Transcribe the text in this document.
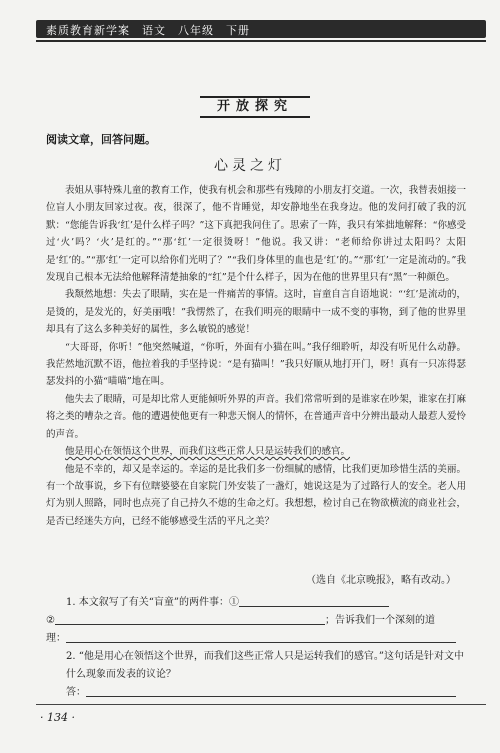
素质教育新学案　语文　八年级　下册
开放探究
阅读文章，回答问题。
心灵之灯

表姐从事特殊儿童的教育工作，使我有机会和那些有残障的小朋友打交道。一次，我替表姐接一位盲人小朋友回家过夜。夜，很深了，他不肯睡觉，却安静地坐在我身边。他的发问打破了我的沉默：“您能告诉我‘红’是什么样子吗？”这下真把我问住了。思索了一阵，我只有笨拙地解释：“你感受过‘火’吗？‘火’是红的。”“那‘红’一定很烫呀！”他说。我又讲：“老师给你讲过太阳吗？太阳是‘红’的。”“那‘红’一定可以给你们光明了？”“我们身体里的血也是‘红’的。”“那‘红’一定是流动的。”我发现自己根本无法给他解释清楚抽象的“红”是个什么样子，因为在他的世界里只有“黑”一种颜色。

我颓然地想：失去了眼睛，实在是一件痛苦的事情。这时，盲童自言自语地说：“‘红’是流动的，是烫的，是发光的，好美丽哦！”我愣然了，在我们明亮的眼睛中一成不变的事物，到了他的世界里却具有了这么多种美好的属性，多么敏锐的感觉！

“大哥哥，你听！”他突然喊道，“你听，外面有小猫在叫。”我仔细聆听，却没有听见什么动静。我茫然地沉默不语，他拉着我的手坚持说：“是有猫叫！”我只好顺从地打开门，呀！真有一只冻得瑟瑟发抖的小猫“喵喵”地在叫。

他失去了眼睛，可是却比常人更能倾听外界的声音。我们常常听到的是谁家在吵架，谁家在打麻将之类的嘈杂之音。他的遭遇使他更有一种悲天悯人的情怀，在普通声音中分辨出最动人最惹人爱怜的声音。

他是用心在领悟这个世界，而我们这些正常人只是运转我们的感官。

他是不幸的，却又是幸运的。幸运的是比我们多一份细腻的感情，比我们更加珍惜生活的美丽。有一个故事说，乡下有位瞎婆婆在自家院门外安装了一盏灯，她说这是为了过路行人的安全。老人用灯为别人照路，同时也点亮了自己持久不熄的生命之灯。我想想，检讨自己在物欲横流的商业社会，是否已经迷失方向，已经不能够感受生活的平凡之美？

（选自《北京晚报》，略有改动。）

1. 本文叙写了有关“盲童”的两件事：①

②	；告诉我们一个深刻的道

理：

2. “他是用心在领悟这个世界，而我们这些正常人只是运转我们的感官。”这句话是针对文中什么现象而发表的议论？

答：

· 134 ·
